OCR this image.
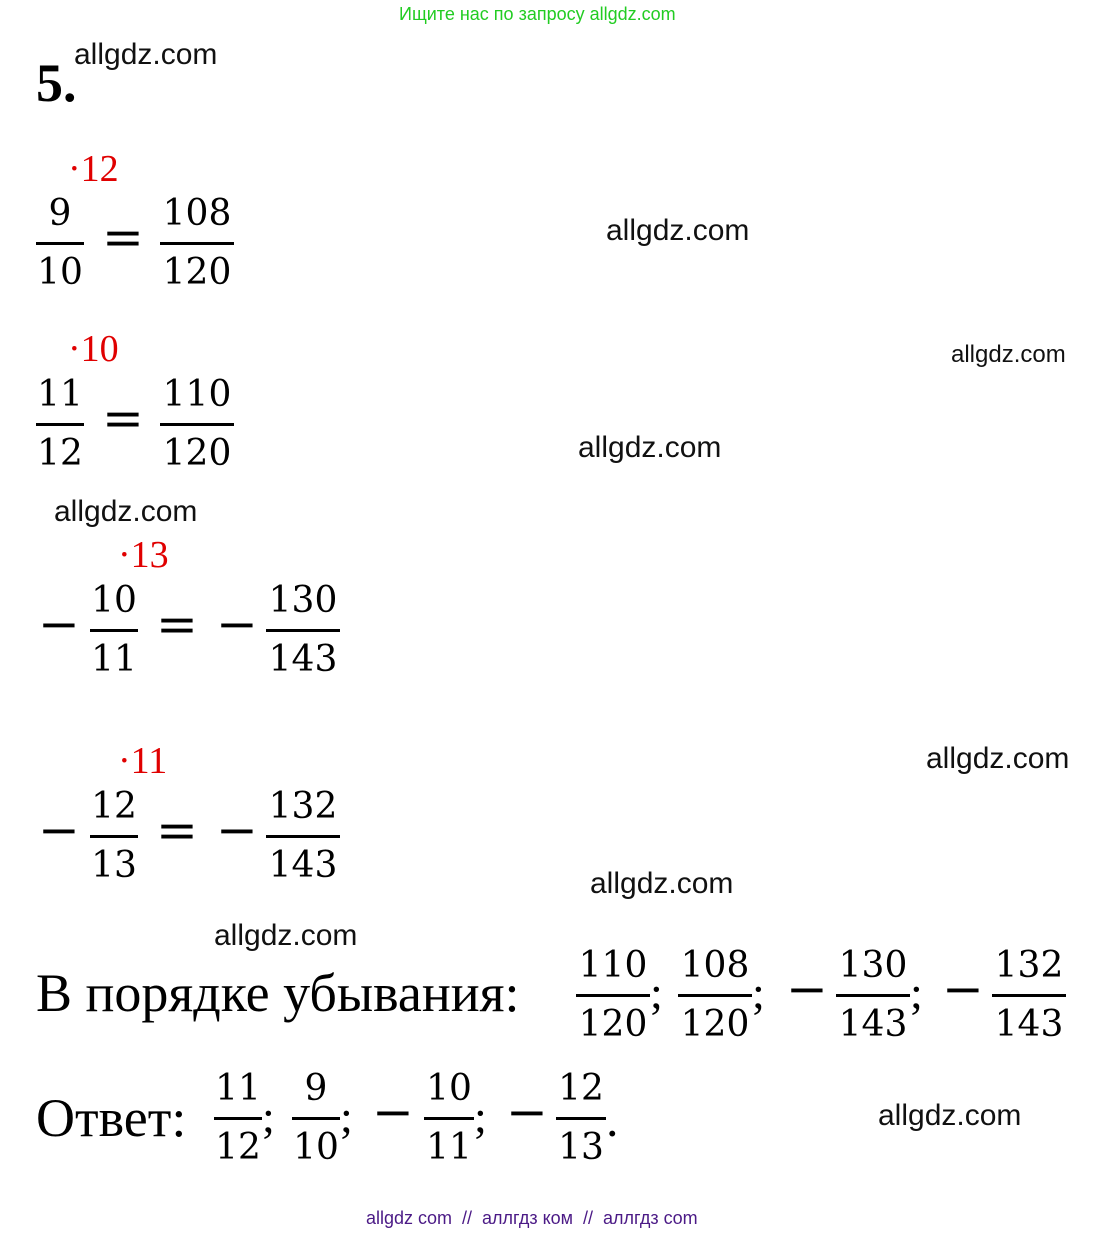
Ищите нас по запросу allgdz.com
5.
allgdz.com
allgdz.com
allgdz.com
allgdz.com
allgdz.com
allgdz.com
allgdz.com
allgdz.com
allgdz.com
·12
9
10
= 108
120
·10
11
12
= 110
120
·13
− 10
11
= − 130
143
·11
− 12
13
= − 132
143
В порядке убывания: 110
120
;
108
120
; − 130
143
; − 132
143
Ответ: 11
12
;
9
10
; − 10
11
; − 12
13
.
allgdz com  //  аллгдз ком  //  аллгдз com
